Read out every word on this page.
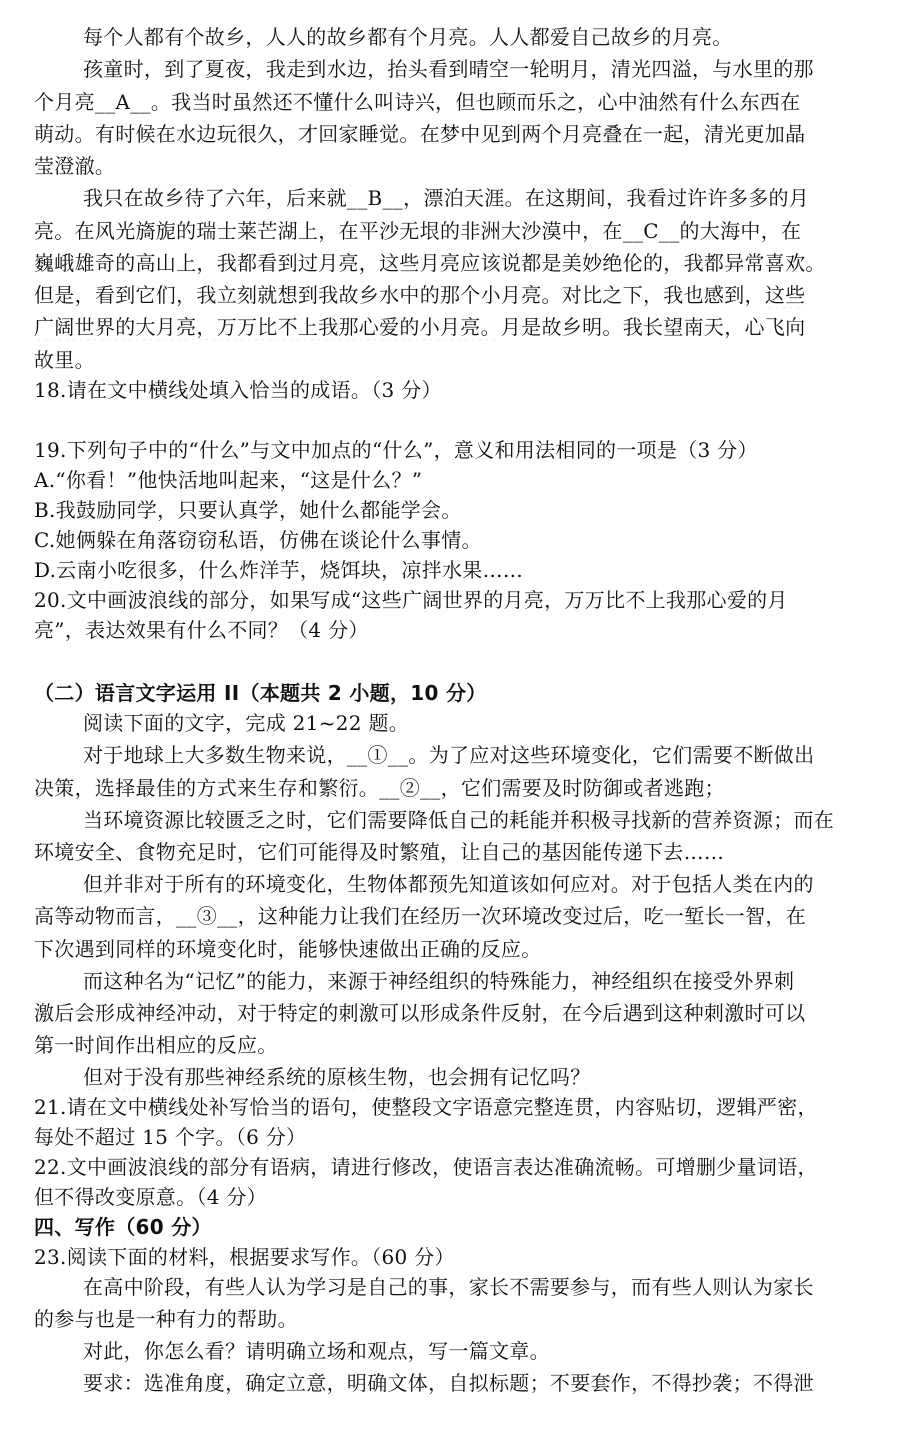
每个人都有个故乡，人人的故乡都有个月亮。人人都爱自己故乡的月亮。
孩童时，到了夏夜，我走到水边，抬头看到晴空一轮明月，清光四溢，与水里的那
个月亮__A__。我当时虽然还不懂什么叫诗兴，但也顾而乐之，心中油然有什么东西在
萌动。有时候在水边玩很久，才回家睡觉。在梦中见到两个月亮叠在一起，清光更加晶
莹澄澈。
我只在故乡待了六年，后来就__B__，漂泊天涯。在这期间，我看过许许多多的月
亮。在风光旖旎的瑞士莱芒湖上，在平沙无垠的非洲大沙漠中，在__C__的大海中，在
巍峨雄奇的高山上，我都看到过月亮，这些月亮应该说都是美妙绝伦的，我都异常喜欢。
但是，看到它们，我立刻就想到我故乡水中的那个小月亮。对比之下，我也感到，这些
广阔世界的大月亮，万万比不上我那心爱的小月亮。月是故乡明。我长望南天，心飞向
故里。
18.请在文中横线处填入恰当的成语。（3 分）
19.下列句子中的“什么”与文中加点的“什么”，意义和用法相同的一项是（3 分）
A.“你看！”他快活地叫起来，“这是什么？”
B.我鼓励同学，只要认真学，她什么都能学会。
C.她俩躲在角落窃窃私语，仿佛在谈论什么事情。
D.云南小吃很多，什么炸洋芋，烧饵块，凉拌水果……
20.文中画波浪线的部分，如果写成“这些广阔世界的月亮，万万比不上我那心爱的月
亮”，表达效果有什么不同？（4 分）
（二）语言文字运用 II（本题共 2 小题，10 分）
阅读下面的文字，完成 21~22 题。
对于地球上大多数生物来说，__①__。为了应对这些环境变化，它们需要不断做出
决策，选择最佳的方式来生存和繁衍。__②__，它们需要及时防御或者逃跑；
当环境资源比较匮乏之时，它们需要降低自己的耗能并积极寻找新的营养资源；而在
环境安全、食物充足时，它们可能得及时繁殖，让自己的基因能传递下去……
但并非对于所有的环境变化，生物体都预先知道该如何应对。对于包括人类在内的
高等动物而言，__③__，这种能力让我们在经历一次环境改变过后，吃一堑长一智，在
下次遇到同样的环境变化时，能够快速做出正确的反应。
而这种名为“记忆”的能力，来源于神经组织的特殊能力，神经组织在接受外界刺
激后会形成神经冲动，对于特定的刺激可以形成条件反射，在今后遇到这种刺激时可以
第一时间作出相应的反应。
但对于没有那些神经系统的原核生物，也会拥有记忆吗？
21.请在文中横线处补写恰当的语句，使整段文字语意完整连贯，内容贴切，逻辑严密，
每处不超过 15 个字。（6 分）
22.文中画波浪线的部分有语病，请进行修改，使语言表达准确流畅。可增删少量词语，
但不得改变原意。（4 分）
四、写作（60 分）
23.阅读下面的材料，根据要求写作。（60 分）
在高中阶段，有些人认为学习是自己的事，家长不需要参与，而有些人则认为家长
的参与也是一种有力的帮助。
对此，你怎么看？请明确立场和观点，写一篇文章。
要求：选准角度，确定立意，明确文体，自拟标题；不要套作，不得抄袭；不得泄
